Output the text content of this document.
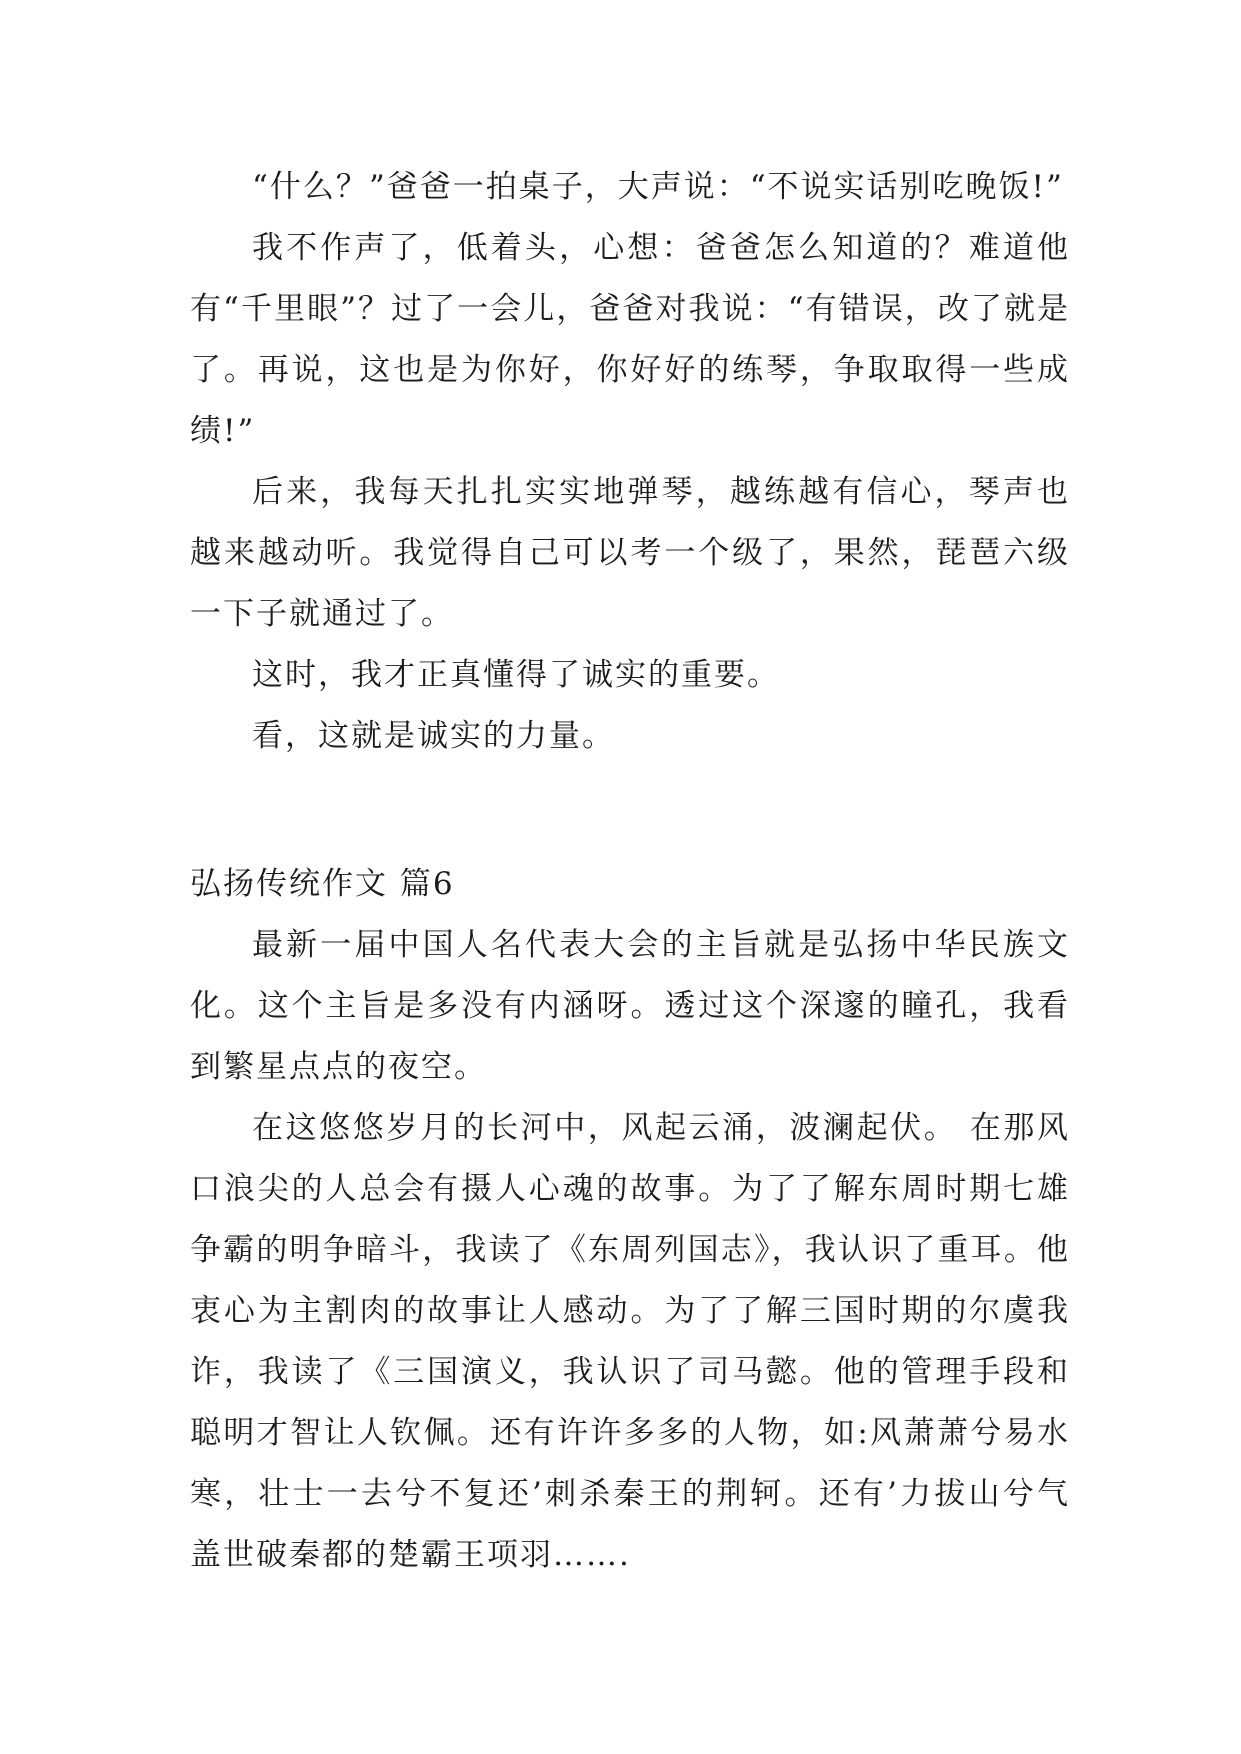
“什么？”爸爸一拍桌子，大声说：“不说实话别吃晚饭!”

我不作声了，低着头，心想：爸爸怎么知道的？难道他有“千里眼”？过了一会儿，爸爸对我说：“有错误，改了就是了。再说，这也是为你好，你好好的练琴，争取取得一些成绩!”

后来，我每天扎扎实实地弹琴，越练越有信心，琴声也越来越动听。我觉得自己可以考一个级了，果然，琵琶六级一下子就通过了。

这时，我才正真懂得了诚实的重要。

看，这就是诚实的力量。

弘扬传统作文 篇6

最新一届中国人名代表大会的主旨就是弘扬中华民族文化。这个主旨是多没有内涵呀。透过这个深邃的瞳孔，我看到繁星点点的夜空。

在这悠悠岁月的长河中，风起云涌，波澜起伏。 在那风口浪尖的人总会有摄人心魂的故事。为了了解东周时期七雄争霸的明争暗斗，我读了《东周列国志》，我认识了重耳。他衷心为主割肉的故事让人感动。为了了解三国时期的尔虞我诈，我读了《三国演义，我认识了司马懿。他的管理手段和聪明才智让人钦佩。还有许许多多的人物，如:风萧萧兮易水寒，壮士一去兮不复还’刺杀秦王的荆轲。还有’力拔山兮气盖世破秦都的楚霸王项羽…….
